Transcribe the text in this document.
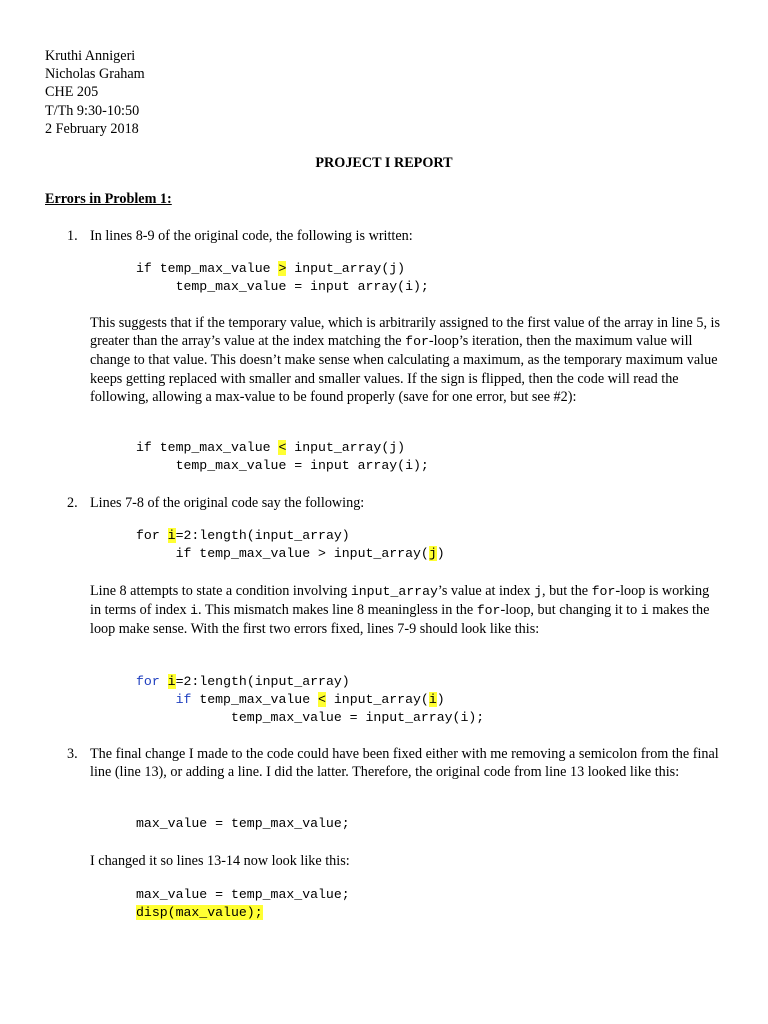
Kruthi Annigeri
Nicholas Graham
CHE 205
T/Th 9:30-10:50
2 February 2018
PROJECT I REPORT
Errors in Problem 1:
1. In lines 8-9 of the original code, the following is written:
if temp_max_value > input_array(j)
temp_max_value = input array(i);
This suggests that if the temporary value, which is arbitrarily assigned to the first value of the array in line 5, is greater than the array’s value at the index matching the for-loop’s iteration, then the maximum value will change to that value. This doesn’t make sense when calculating a maximum, as the temporary maximum value keeps getting replaced with smaller and smaller values. If the sign is flipped, then the code will read the following, allowing a max-value to be found properly (save for one error, but see #2):
if temp_max_value < input_array(j)
temp_max_value = input array(i);
2. Lines 7-8 of the original code say the following:
for i=2:length(input_array)
if temp_max_value > input_array(j)
Line 8 attempts to state a condition involving input_array’s value at index j, but the for-loop is working in terms of index i. This mismatch makes line 8 meaningless in the for-loop, but changing it to i makes the loop make sense. With the first two errors fixed, lines 7-9 should look like this:
for i=2:length(input_array)
if temp_max_value < input_array(i)
temp_max_value = input_array(i);
3. The final change I made to the code could have been fixed either with me removing a semicolon from the final line (line 13), or adding a line. I did the latter. Therefore, the original code from line 13 looked like this:
max_value = temp_max_value;
I changed it so lines 13-14 now look like this:
max_value = temp_max_value;
disp(max_value);
